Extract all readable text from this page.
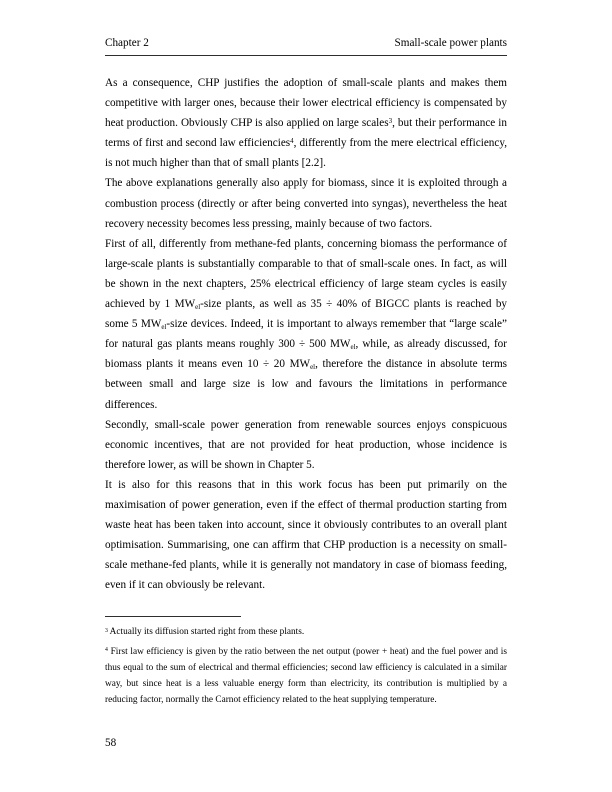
Chapter 2	Small-scale power plants

As a consequence, CHP justifies the adoption of small-scale plants and makes them competitive with larger ones, because their lower electrical efficiency is compensated by heat production. Obviously CHP is also applied on large scales$^3$, but their performance in terms of first and second law efficiencies$^4$, differently from the mere electrical efficiency, is not much higher than that of small plants [2.2].

The above explanations generally also apply for biomass, since it is exploited through a combustion process (directly or after being converted into syngas), nevertheless the heat recovery necessity becomes less pressing, mainly because of two factors.

First of all, differently from methane-fed plants, concerning biomass the performance of large-scale plants is substantially comparable to that of small-scale ones. In fact, as will be shown in the next chapters, 25% electrical efficiency of large steam cycles is easily achieved by 1 $MW_{el}$-size plants, as well as 35 ÷ 40% of BIGCC plants is reached by some 5 $MW_{el}$-size devices. Indeed, it is important to always remember that “large scale” for natural gas plants means roughly 300 ÷ 500 $MW_{el}$, while, as already discussed, for biomass plants it means even 10 ÷ 20 $MW_{el}$, therefore the distance in absolute terms between small and large size is low and favours the limitations in performance differences.

Secondly, small-scale power generation from renewable sources enjoys conspicuous economic incentives, that are not provided for heat production, whose incidence is therefore lower, as will be shown in Chapter 5.

It is also for this reasons that in this work focus has been put primarily on the maximisation of power generation, even if the effect of thermal production starting from waste heat has been taken into account, since it obviously contributes to an overall plant optimisation. Summarising, one can affirm that CHP production is a necessity on small-scale methane-fed plants, while it is generally not mandatory in case of biomass feeding, even if it can obviously be relevant.

$^3$ Actually its diffusion started right from these plants.

$^4$ First law efficiency is given by the ratio between the net output (power + heat) and the fuel power and is thus equal to the sum of electrical and thermal efficiencies; second law efficiency is calculated in a similar way, but since heat is a less valuable energy form than electricity, its contribution is multiplied by a reducing factor, normally the Carnot efficiency related to the heat supplying temperature.

58
